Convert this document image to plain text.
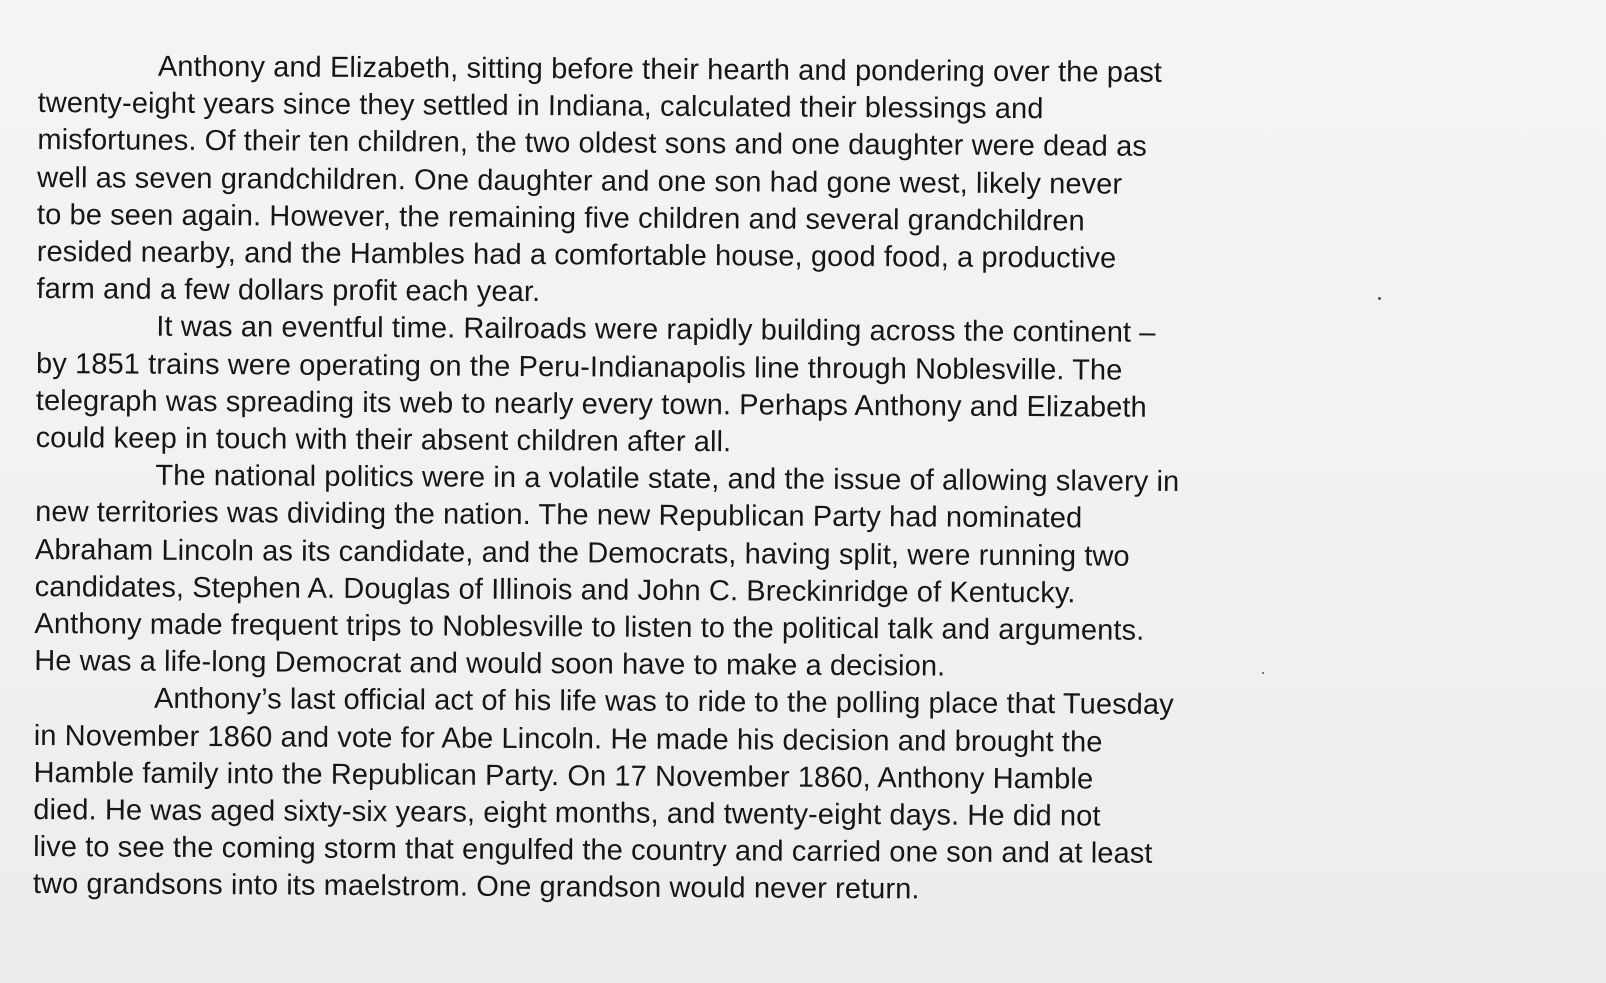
Anthony and Elizabeth, sitting before their hearth and pondering over the past
twenty-eight years since they settled in Indiana, calculated their blessings and
misfortunes. Of their ten children, the two oldest sons and one daughter were dead as
well as seven grandchildren. One daughter and one son had gone west, likely never
to be seen again. However, the remaining five children and several grandchildren
resided nearby, and the Hambles had a comfortable house, good food, a productive
farm and a few dollars profit each year.
It was an eventful time. Railroads were rapidly building across the continent –
by 1851 trains were operating on the Peru-Indianapolis line through Noblesville. The
telegraph was spreading its web to nearly every town. Perhaps Anthony and Elizabeth
could keep in touch with their absent children after all.
The national politics were in a volatile state, and the issue of allowing slavery in
new territories was dividing the nation. The new Republican Party had nominated
Abraham Lincoln as its candidate, and the Democrats, having split, were running two
candidates, Stephen A. Douglas of Illinois and John C. Breckinridge of Kentucky.
Anthony made frequent trips to Noblesville to listen to the political talk and arguments.
He was a life-long Democrat and would soon have to make a decision.
Anthony’s last official act of his life was to ride to the polling place that Tuesday
in November 1860 and vote for Abe Lincoln. He made his decision and brought the
Hamble family into the Republican Party. On 17 November 1860, Anthony Hamble
died. He was aged sixty-six years, eight months, and twenty-eight days. He did not
live to see the coming storm that engulfed the country and carried one son and at least
two grandsons into its maelstrom. One grandson would never return.
